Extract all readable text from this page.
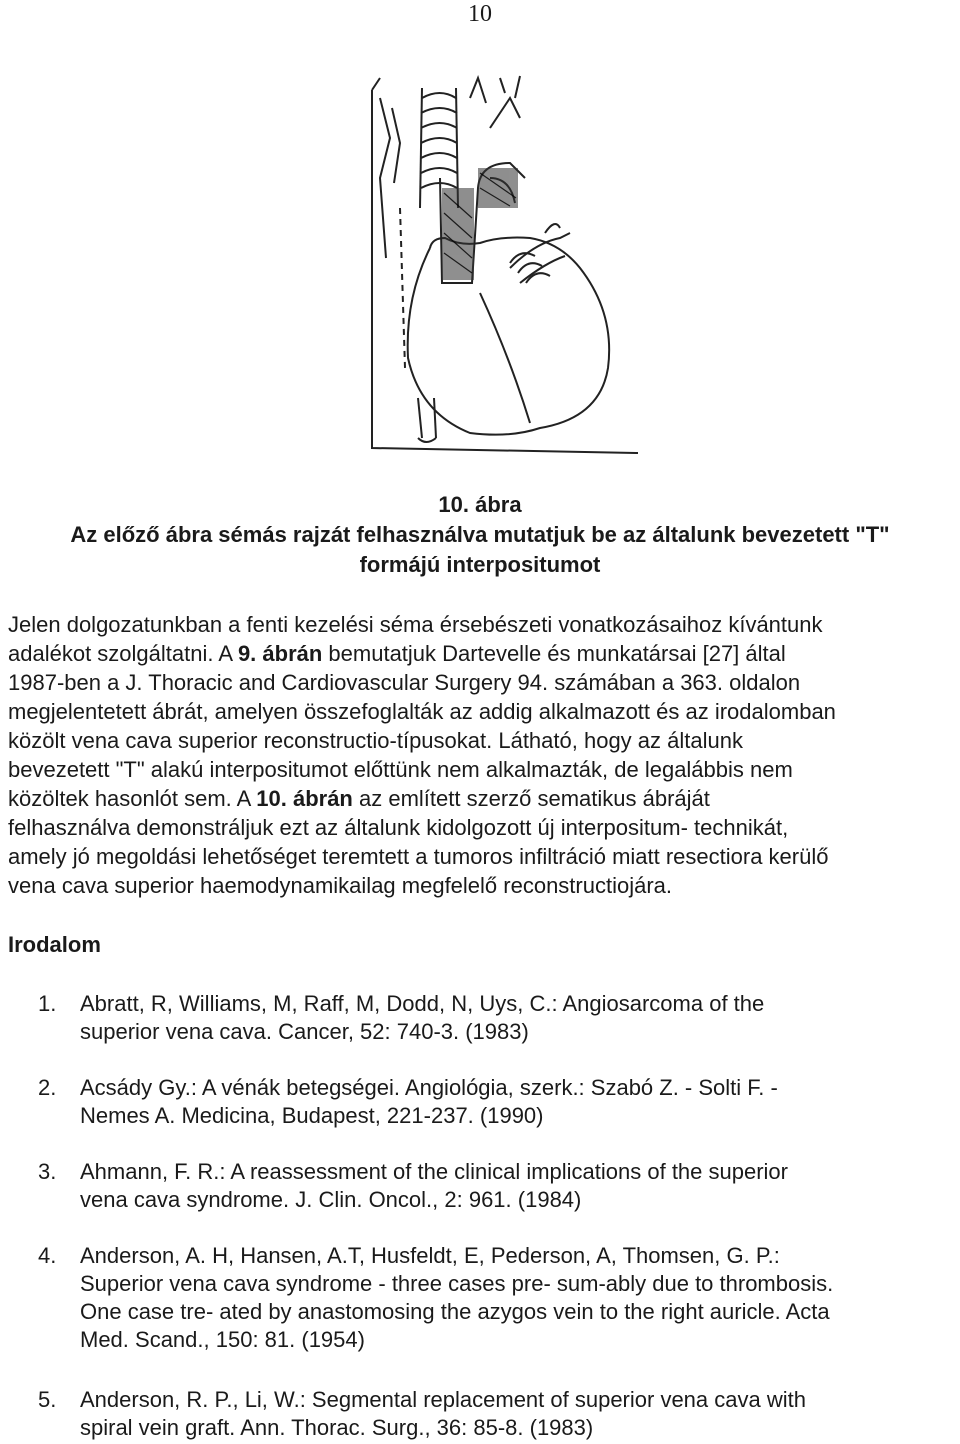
10
10. ábra
Az előző ábra sémás rajzát felhasználva mutatjuk be az általunk bevezetett "T"
formájú interpositumot
Jelen dolgozatunkban a fenti kezelési séma érsebészeti vonatkozásaihoz kívántunk
adalékot szolgáltatni. A 9. ábrán bemutatjuk Dartevelle és munkatársai [27] által
1987-ben a J. Thoracic and Cardiovascular Surgery 94. számában a 363. oldalon
megjelentetett ábrát, amelyen összefoglalták az addig alkalmazott és az irodalomban
közölt vena cava superior reconstructio-típusokat. Látható, hogy az általunk
bevezetett "T" alakú interpositumot előttünk nem alkalmazták, de legalábbis nem
közöltek hasonlót sem. A 10. ábrán az említett szerző sematikus ábráját
felhasználva demonstráljuk ezt az általunk kidolgozott új interpositum- technikát,
amely jó megoldási lehetőséget teremtett a tumoros infiltráció miatt resectiora kerülő
vena cava superior haemodynamikailag megfelelő reconstructiojára.
Irodalom
1. Abratt, R, Williams, M, Raff, M, Dodd, N, Uys, C.: Angiosarcoma of the
superior vena cava. Cancer, 52: 740-3. (1983)
2. Acsády Gy.: A vénák betegségei. Angiológia, szerk.: Szabó Z. - Solti F. -
Nemes A. Medicina, Budapest, 221-237. (1990)
3. Ahmann, F. R.: A reassessment of the clinical implications of the superior
vena cava syndrome. J. Clin. Oncol., 2: 961. (1984)
4. Anderson, A. H, Hansen, A.T, Husfeldt, E, Pederson, A, Thomsen, G. P.:
Superior vena cava syndrome - three cases pre- sum-ably due to thrombosis.
One case tre- ated by anastomosing the azygos vein to the right auricle. Acta
Med. Scand., 150: 81. (1954)
5. Anderson, R. P., Li, W.: Segmental replacement of superior vena cava with
spiral vein graft. Ann. Thorac. Surg., 36: 85-8. (1983)
